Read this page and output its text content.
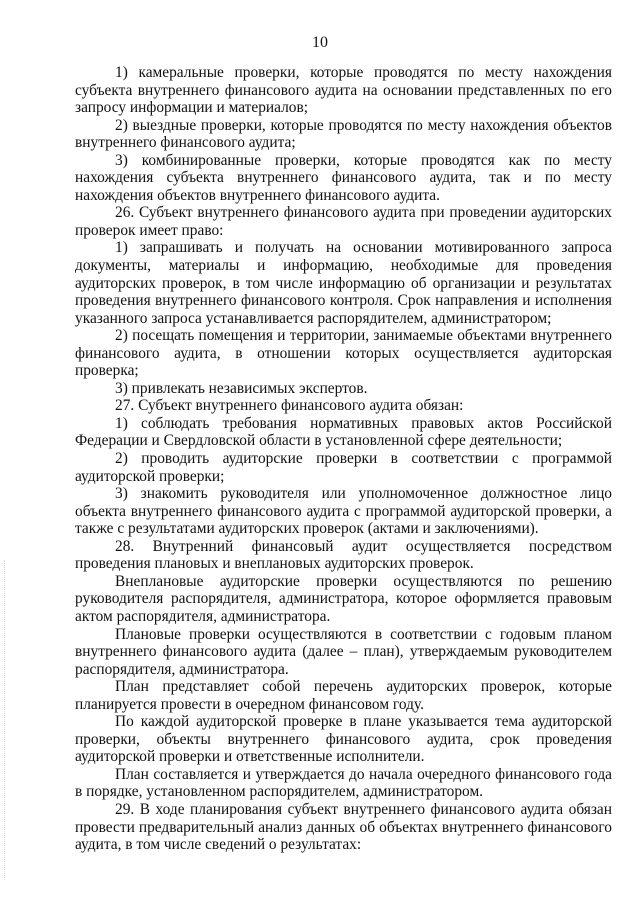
10

1) камеральные проверки, которые проводятся по месту нахождения субъекта внутреннего финансового аудита на основании представленных по его запросу информации и материалов;

2) выездные проверки, которые проводятся по месту нахождения объектов внутреннего финансового аудита;

3) комбинированные проверки, которые проводятся как по месту нахождения субъекта внутреннего финансового аудита, так и по месту нахождения объектов внутреннего финансового аудита.

26. Субъект внутреннего финансового аудита при проведении аудиторских проверок имеет право:

1) запрашивать и получать на основании мотивированного запроса документы, материалы и информацию, необходимые для проведения аудиторских проверок, в том числе информацию об организации и результатах проведения внутреннего финансового контроля. Срок направления и исполнения указанного запроса устанавливается распорядителем, администратором;

2) посещать помещения и территории, занимаемые объектами внутреннего финансового аудита, в отношении которых осуществляется аудиторская проверка;

3) привлекать независимых экспертов.

27. Субъект внутреннего финансового аудита обязан:

1) соблюдать требования нормативных правовых актов Российской Федерации и Свердловской области в установленной сфере деятельности;

2) проводить аудиторские проверки в соответствии с программой аудиторской проверки;

3) знакомить руководителя или уполномоченное должностное лицо объекта внутреннего финансового аудита с программой аудиторской проверки, а также с результатами аудиторских проверок (актами и заключениями).

28. Внутренний финансовый аудит осуществляется посредством проведения плановых и внеплановых аудиторских проверок.

Внеплановые аудиторские проверки осуществляются по решению руководителя распорядителя, администратора, которое оформляется правовым актом распорядителя, администратора.

Плановые проверки осуществляются в соответствии с годовым планом внутреннего финансового аудита (далее – план), утверждаемым руководителем распорядителя, администратора.

План представляет собой перечень аудиторских проверок, которые планируется провести в очередном финансовом году.

По каждой аудиторской проверке в плане указывается тема аудиторской проверки, объекты внутреннего финансового аудита, срок проведения аудиторской проверки и ответственные исполнители.

План составляется и утверждается до начала очередного финансового года в порядке, установленном распорядителем, администратором.

29. В ходе планирования субъект внутреннего финансового аудита обязан провести предварительный анализ данных об объектах внутреннего финансового аудита, в том числе сведений о результатах:
